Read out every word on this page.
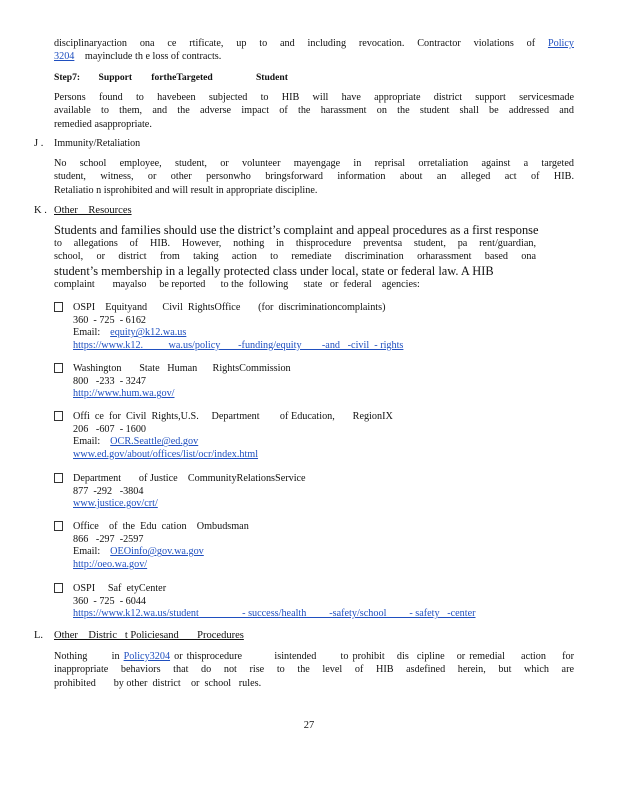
disciplinaryaction ona ce rtificate, up to and including revocation. Contractor violations of Policy

3204 mayinclude th e loss of contracts.

Step7: Support        fortheTargeted                  Student

Persons found to havebeen subjected to HIB will have appropriate district support servicesmade

available to them, and the adverse impact of the harassment on the student shall be addressed and

remedied asappropriate.

J . Immunity/Retaliation

No school employee, student, or volunteer mayengage in reprisal orretaliation against a targeted

student, witness, or other personwho bringsforward information about an alleged act of HIB.

Retaliatio n isprohibited and will result in appropriate discipline.

K . Other    Resources

Students and families should use the district’s complaint and appeal procedures as a first response

to allegations of HIB. However, nothing in thisprocedure preventsa student, pa rent/guardian,

school, or district from taking action to remediate discrimination orharassment based ona

student’s membership in a legally protected class under local, state or federal law. A HIB

complaint       mayalso     be reported      to the  following      state   or  federal    agencies:

OSPI    Equityand      Civil  RightsOffice       (for  discriminationcomplaints)
360  - 725  - 6162
Email: equity@k12.wa.us
https://www.k12.          wa.us/policy       -funding/equity        -and   -civil  - rights
Washington       State   Human      RightsCommission
800   -233  - 3247
http://www.hum.wa.gov/
Offi  ce  for  Civil  Rights,U.S.     Department        of Education,       RegionIX
206   -607  - 1600
Email: OCR.Seattle@ed.gov
www.ed.gov/about/offices/list/ocr/index.html
Department       of Justice    CommunityRelationsService
877  -292   -3804
www.justice.gov/crt/
Office    of  the  Edu  cation    Ombudsman
866   -297  -2597
Email: OEOinfo@gov.wa.gov
http://oeo.wa.gov/
OSPI     Saf  etyCenter
360  - 725  - 6044
https://www.k12.wa.us/student                 - success/health         -safety/school         - safety   -center
L. Other    Distric   t Policiesand       Procedures

Nothing      in Policy3204 or thisprocedure        isintended      to prohibit   dis  cipline   or remedial    action    for

inappropriate behaviors that do not rise to the level of HIB asdefined herein, but which are

prohibited       by other  district    or  school   rules.

27
